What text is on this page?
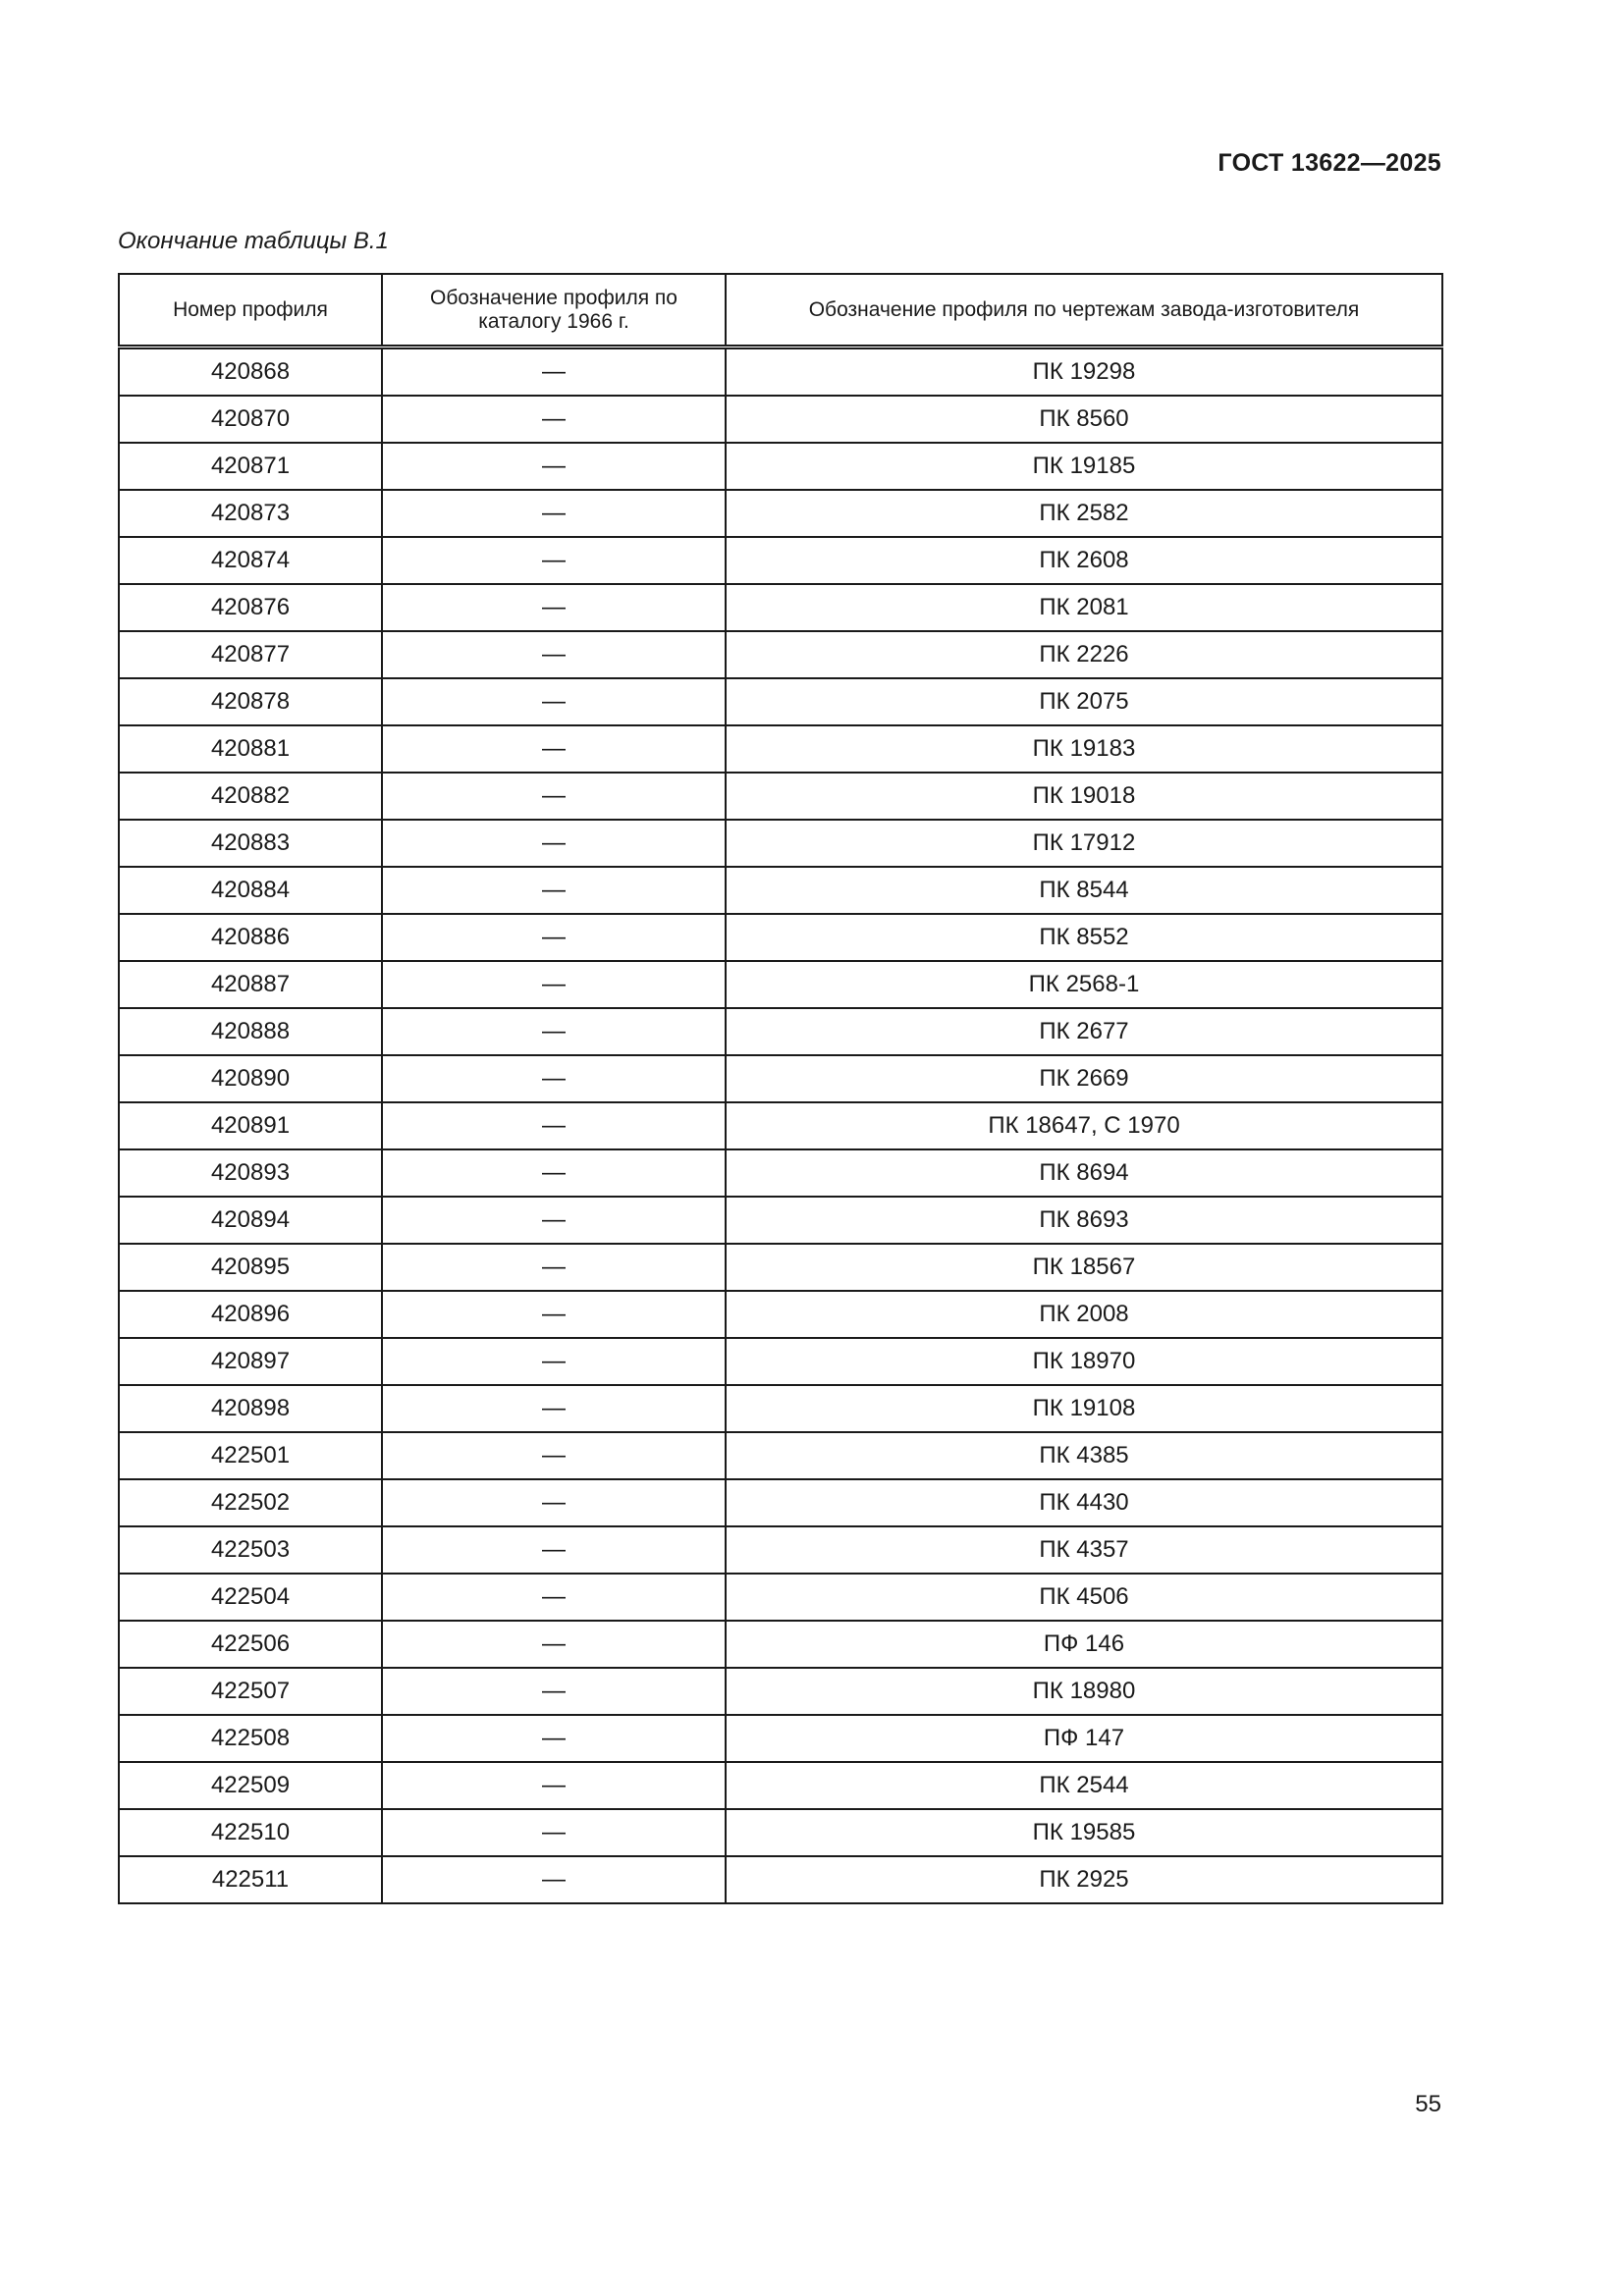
ГОСТ 13622—2025
Окончание таблицы В.1
Номер профиля	Обозначение профиля по каталогу 1966 г.	Обозначение профиля по чертежам завода-изготовителя
420868	—	ПК 19298
420870	—	ПК 8560
420871	—	ПК 19185
420873	—	ПК 2582
420874	—	ПК 2608
420876	—	ПК 2081
420877	—	ПК 2226
420878	—	ПК 2075
420881	—	ПК 19183
420882	—	ПК 19018
420883	—	ПК 17912
420884	—	ПК 8544
420886	—	ПК 8552
420887	—	ПК 2568-1
420888	—	ПК 2677
420890	—	ПК 2669
420891	—	ПК 18647, С 1970
420893	—	ПК 8694
420894	—	ПК 8693
420895	—	ПК 18567
420896	—	ПК 2008
420897	—	ПК 18970
420898	—	ПК 19108
422501	—	ПК 4385
422502	—	ПК 4430
422503	—	ПК 4357
422504	—	ПК 4506
422506	—	ПФ 146
422507	—	ПК 18980
422508	—	ПФ 147
422509	—	ПК 2544
422510	—	ПК 19585
422511	—	ПК 2925
55
